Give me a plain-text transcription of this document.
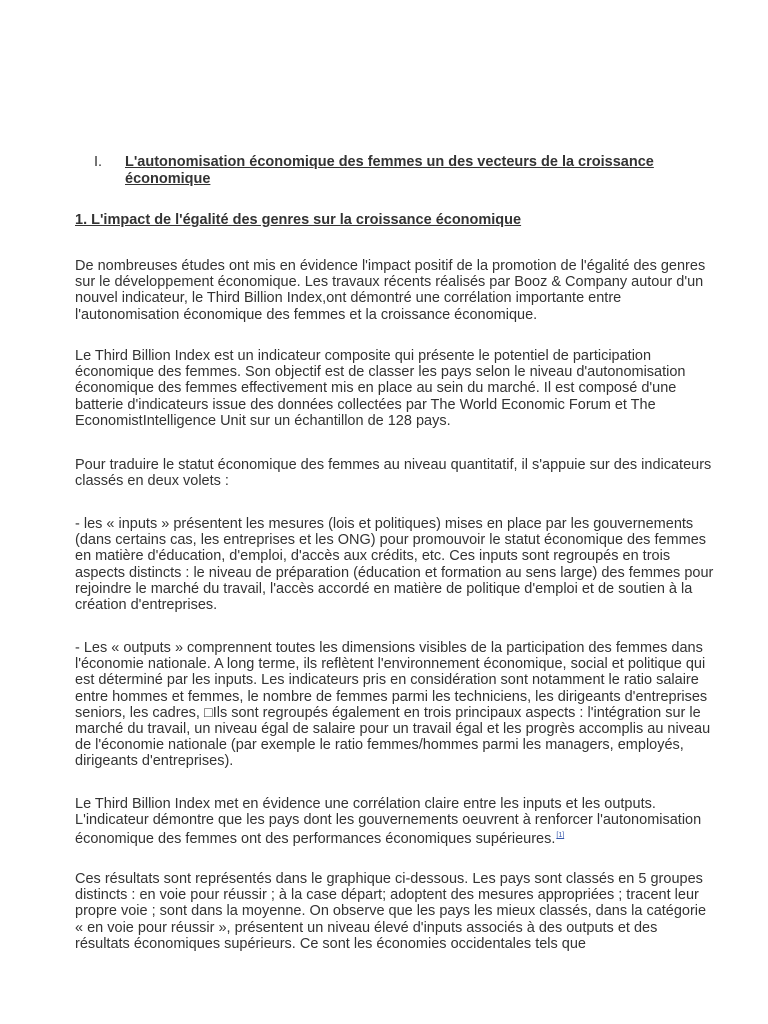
I. L'autonomisation économique des femmes un des vecteurs de la croissance économique
1. L'impact de l'égalité des genres sur la croissance économique

De nombreuses études ont mis en évidence l'impact positif de la promotion de l'égalité des genres sur le développement économique. Les travaux récents réalisés par Booz & Company autour d'un nouvel indicateur, le Third Billion Index,ont démontré une corrélation importante entre l'autonomisation économique des femmes et la croissance économique.

Le Third Billion Index est un indicateur composite qui présente le potentiel de participation économique des femmes. Son objectif est de classer les pays selon le niveau d'autonomisation économique des femmes effectivement mis en place au sein du marché. Il est composé d'une batterie d'indicateurs issue des données collectées par The World Economic Forum et The EconomistIntelligence Unit sur un échantillon de 128 pays.

Pour traduire le statut économique des femmes au niveau quantitatif, il s'appuie sur des indicateurs classés en deux volets :

- les « inputs » présentent les mesures (lois et politiques) mises en place par les gouvernements (dans certains cas, les entreprises et les ONG) pour promouvoir le statut économique des femmes en matière d'éducation, d'emploi, d'accès aux crédits, etc. Ces inputs sont regroupés en trois aspects distincts : le niveau de préparation (éducation et formation au sens large) des femmes pour rejoindre le marché du travail, l'accès accordé en matière de politique d'emploi et de soutien à la création d'entreprises.

- Les « outputs » comprennent toutes les dimensions visibles de la participation des femmes dans l'économie nationale. A long terme, ils reflètent l'environnement économique, social et politique qui est déterminé par les inputs. Les indicateurs pris en considération sont notamment le ratio salaire entre hommes et femmes, le nombre de femmes parmi les techniciens, les dirigeants d'entreprises seniors, les cadres, □Ils sont regroupés également en trois principaux aspects : l'intégration sur le marché du travail, un niveau égal de salaire pour un travail égal et les progrès accomplis au niveau de l'économie nationale (par exemple le ratio femmes/hommes parmi les managers, employés, dirigeants d'entreprises).

Le Third Billion Index met en évidence une corrélation claire entre les inputs et les outputs. L'indicateur démontre que les pays dont les gouvernements oeuvrent à renforcer l'autonomisation économique des femmes ont des performances économiques supérieures.[1]

Ces résultats sont représentés dans le graphique ci-dessous. Les pays sont classés en 5 groupes distincts : en voie pour réussir ; à la case départ; adoptent des mesures appropriées ; tracent leur propre voie ; sont dans la moyenne. On observe que les pays les mieux classés, dans la catégorie « en voie pour réussir », présentent un niveau élevé d'inputs associés à des outputs et des résultats économiques supérieurs. Ce sont les économies occidentales tels que
